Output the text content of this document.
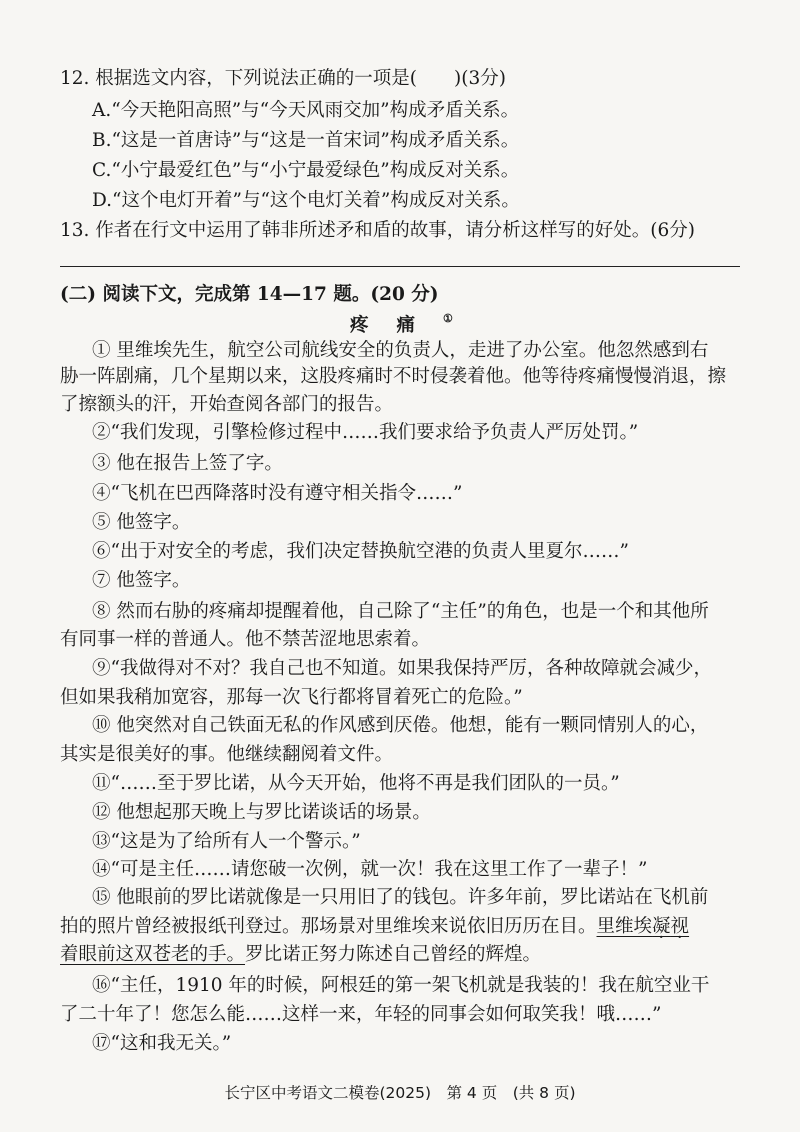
12. 根据选文内容，下列说法正确的一项是(　　)(3分)
A.“今天艳阳高照”与“今天风雨交加”构成矛盾关系。
B.“这是一首唐诗”与“这是一首宋词”构成矛盾关系。
C.“小宁最爱红色”与“小宁最爱绿色”构成反对关系。
D.“这个电灯开着”与“这个电灯关着”构成反对关系。
13. 作者在行文中运用了韩非所述矛和盾的故事，请分析这样写的好处。(6分)
(二) 阅读下文，完成第 14—17 题。(20 分)
疼痛①
① 里维埃先生，航空公司航线安全的负责人，走进了办公室。他忽然感到右
胁一阵剧痛，几个星期以来，这股疼痛时不时侵袭着他。他等待疼痛慢慢消退，擦
了擦额头的汗，开始查阅各部门的报告。
②“我们发现，引擎检修过程中……我们要求给予负责人严厉处罚。”
③ 他在报告上签了字。
④“飞机在巴西降落时没有遵守相关指令……”
⑤ 他签字。
⑥“出于对安全的考虑，我们决定替换航空港的负责人里夏尔……”
⑦ 他签字。
⑧ 然而右胁的疼痛却提醒着他，自己除了“主任”的角色，也是一个和其他所
有同事一样的普通人。他不禁苦涩地思索着。
⑨“我做得对不对？我自己也不知道。如果我保持严厉，各种故障就会减少，
但如果我稍加宽容，那每一次飞行都将冒着死亡的危险。”
⑩ 他突然对自己铁面无私的作风感到厌倦。他想，能有一颗同情别人的心，
其实是很美好的事。他继续翻阅着文件。
⑪“……至于罗比诺，从今天开始，他将不再是我们团队的一员。”
⑫ 他想起那天晚上与罗比诺谈话的场景。
⑬“这是为了给所有人一个警示。”
⑭“可是主任……请您破一次例，就一次！我在这里工作了一辈子！”
⑮ 他眼前的罗比诺就像是一只用旧了的钱包。许多年前，罗比诺站在飞机前
拍的照片曾经被报纸刊登过。那场景对里维埃来说依旧历历在目。里维埃凝视
着眼前这双苍老的手。罗比诺正努力陈述自己曾经的辉煌。
⑯“主任，1910 年的时候，阿根廷的第一架飞机就是我装的！我在航空业干
了二十年了！您怎么能……这样一来，年轻的同事会如何取笑我！哦……”
⑰“这和我无关。”
长宁区中考语文二模卷(2025)　第 4 页　(共 8 页)
